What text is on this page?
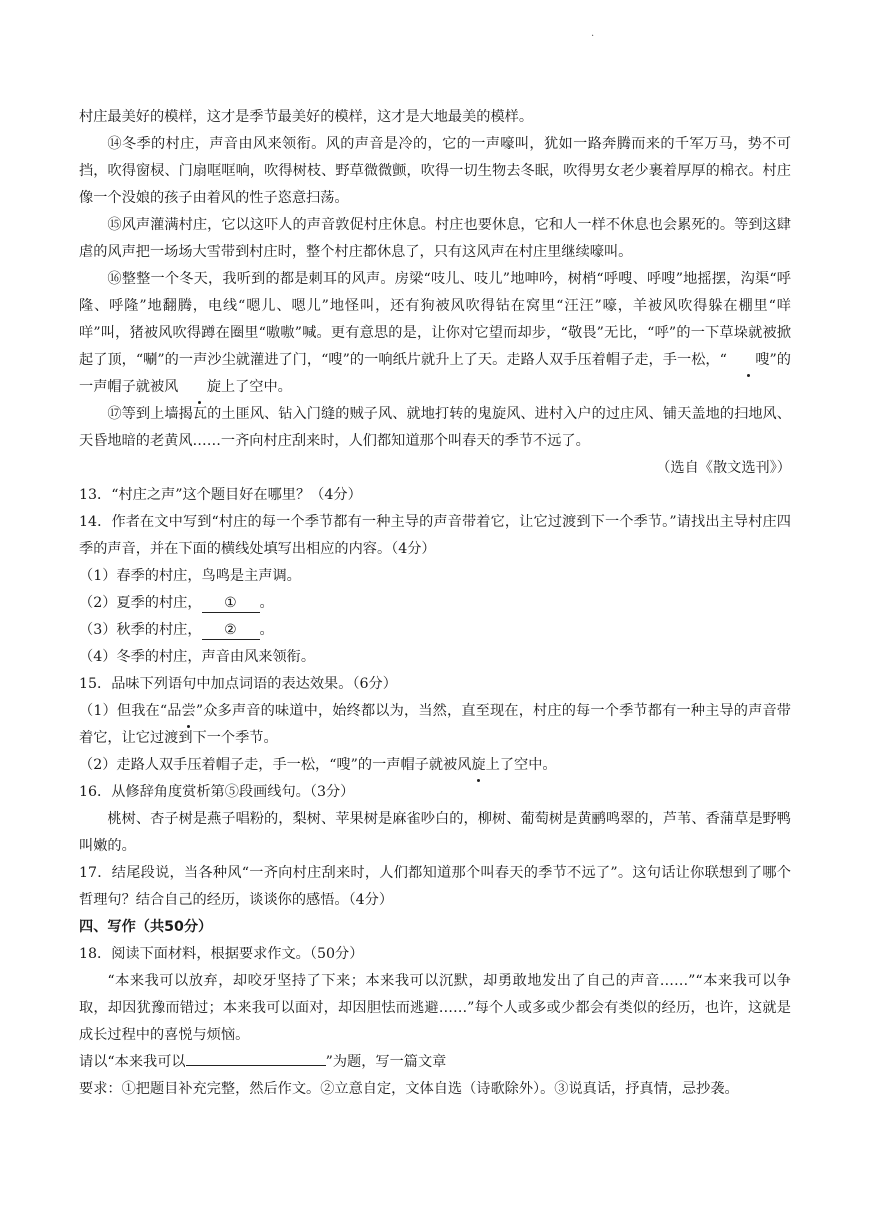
.

村庄最美好的模样，这才是季节最美好的模样，这才是大地最美的模样。

⑭冬季的村庄，声音由风来领衔。风的声音是冷的，它的一声嚎叫，犹如一路奔腾而来的千军万马，势不可挡，吹得窗棂、门扇哐哐响，吹得树枝、野草微微颤，吹得一切生物去冬眠，吹得男女老少裹着厚厚的棉衣。村庄像一个没娘的孩子由着风的性子恣意扫荡。

⑮风声灌满村庄，它以这吓人的声音敦促村庄休息。村庄也要休息，它和人一样不休息也会累死的。等到这肆虐的风声把一场场大雪带到村庄时，整个村庄都休息了，只有这风声在村庄里继续嚎叫。

⑯整整一个冬天，我听到的都是刺耳的风声。房梁“吱儿、吱儿”地呻吟，树梢“呼嗖、呼嗖”地摇摆，沟渠“呼隆、呼隆”地翻腾，电线“嗯儿、嗯儿”地怪叫，还有狗被风吹得钻在窝里“汪汪”嚎，羊被风吹得躲在棚里“咩咩”叫，猪被风吹得蹲在圈里“嗷嗷”喊。更有意思的是，让你对它望而却步，“敬畏”无比，“呼”的一下草垛就被掀起了顶，“唰”的一声沙尘就灌进了门，“嗖”的一响纸片就升上了天。走路人双手压着帽子走，手一松，“ 嗖”的一声帽子就被风 旋上了空中。

⑰等到上墙揭瓦的土匪风、钻入门缝的贼子风、就地打转的鬼旋风、进村入户的过庄风、铺天盖地的扫地风、天昏地暗的老黄风……一齐向村庄刮来时，人们都知道那个叫春天的季节不远了。

（选自《散文选刊》）

13．“村庄之声”这个题目好在哪里？（4分）

14．作者在文中写到“村庄的每一个季节都有一种主导的声音带着它，让它过渡到下一个季节。”请找出主导村庄四季的声音，并在下面的横线处填写出相应的内容。（4分）

（1）春季的村庄，鸟鸣是主声调。

（2）夏季的村庄， ① 。

（3）秋季的村庄， ② 。

（4）冬季的村庄，声音由风来领衔。

15．品味下列语句中加点词语的表达效果。（6分）

（1）但我在“品尝”众多声音的味道中，始终都以为，当然，直至现在，村庄的每一个季节都有一种主导的声音带着它，让它过渡到下一个季节。

（2）走路人双手压着帽子走，手一松，“嗖”的一声帽子就被风旋上了空中。

16．从修辞角度赏析第⑤段画线句。（3分）

桃树、杏子树是燕子唱粉的，梨树、苹果树是麻雀吵白的，柳树、葡萄树是黄鹂鸣翠的，芦苇、香蒲草是野鸭叫嫩的。

17．结尾段说，当各种风“一齐向村庄刮来时，人们都知道那个叫春天的季节不远了”。这句话让你联想到了哪个哲理句？结合自己的经历，谈谈你的感悟。（4分）

四、写作（共50分）

18．阅读下面材料，根据要求作文。（50分）

“本来我可以放弃，却咬牙坚持了下来；本来我可以沉默，却勇敢地发出了自己的声音……”“本来我可以争取，却因犹豫而错过；本来我可以面对，却因胆怯而逃避……”每个人或多或少都会有类似的经历，也许，这就是成长过程中的喜悦与烦恼。

请以“本来我可以	”为题，写一篇文章

要求：①把题目补充完整，然后作文。②立意自定，文体自选（诗歌除外）。③说真话，抒真情，忌抄袭。
